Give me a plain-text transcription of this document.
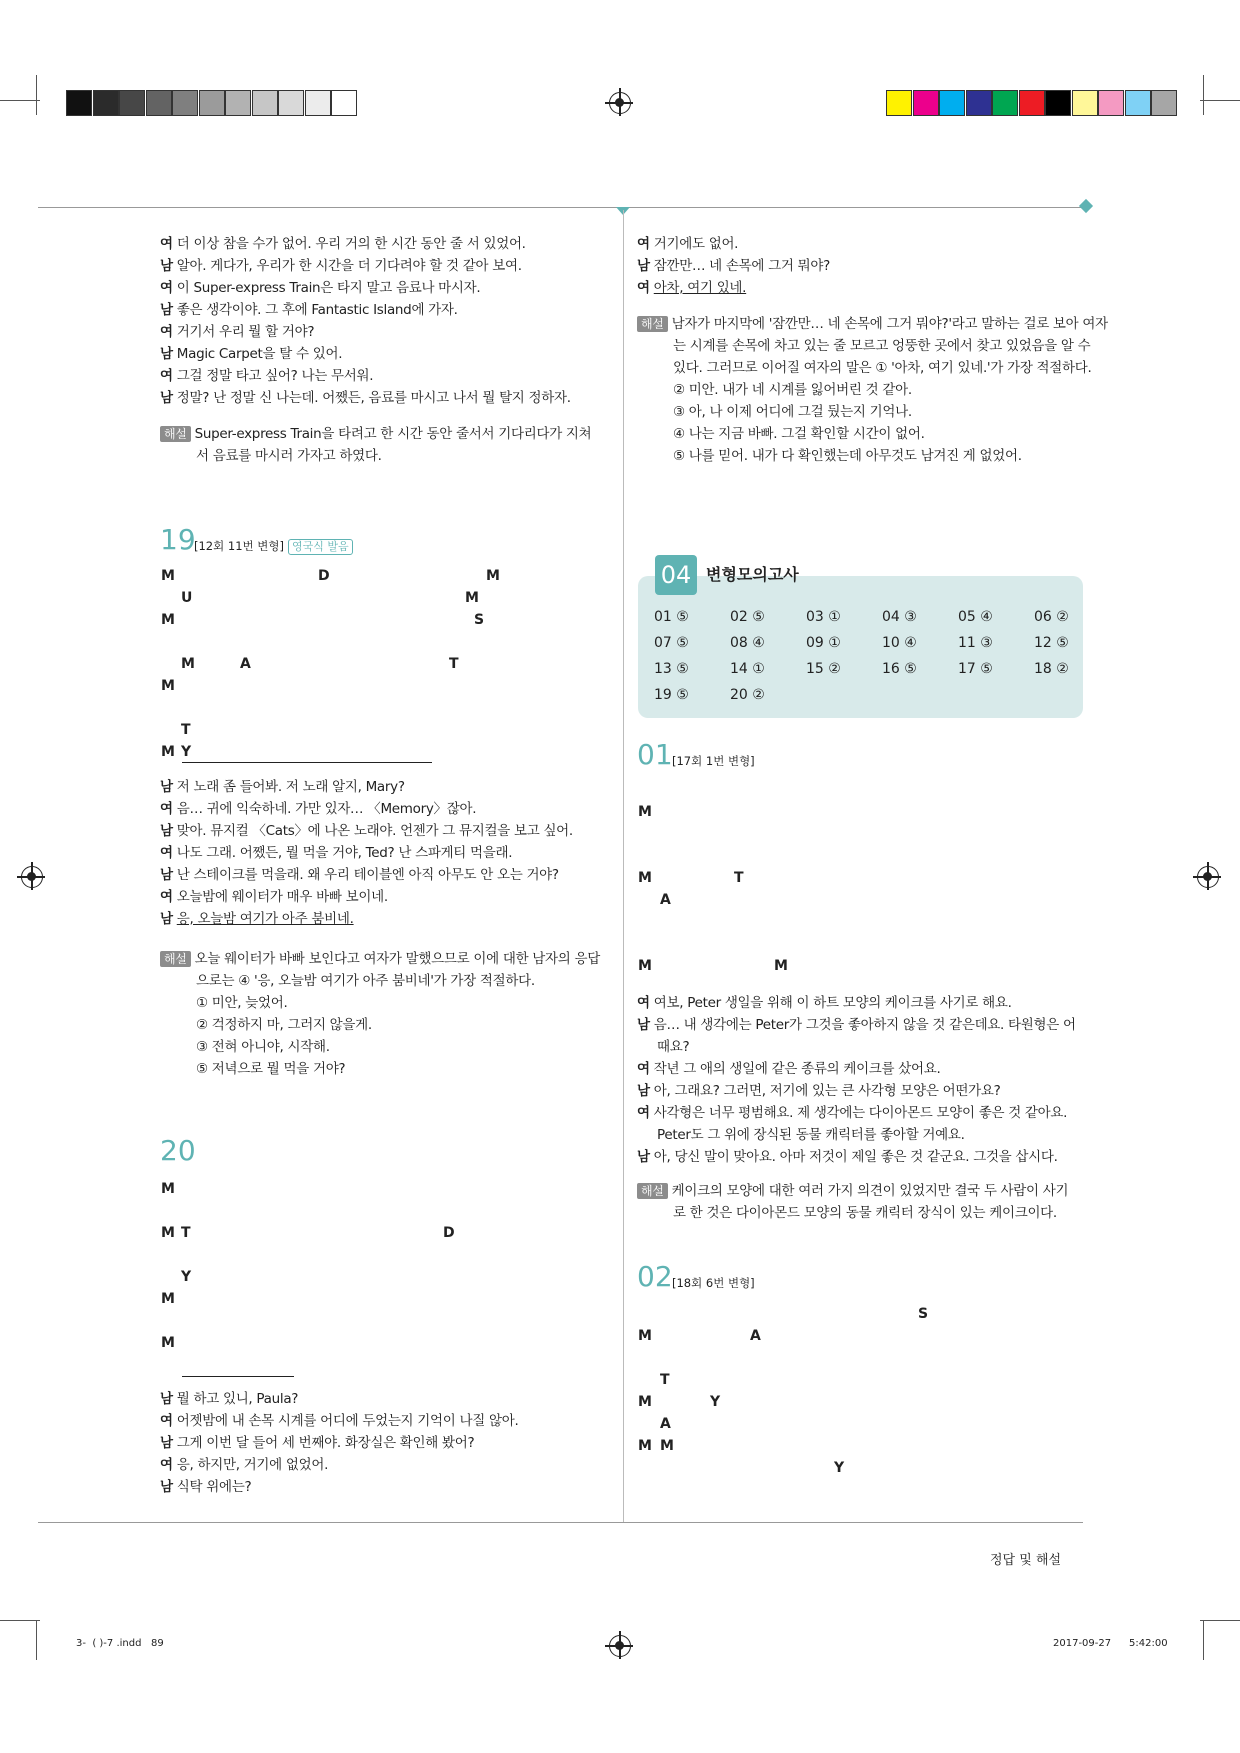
여 더 이상 참을 수가 없어. 우리 거의 한 시간 동안 줄 서 있었어.
남 알아. 게다가, 우리가 한 시간을 더 기다려야 할 것 같아 보여.
여 이 Super-express Train은 타지 말고 음료나 마시자.
남 좋은 생각이야. 그 후에 Fantastic Island에 가자.
여 거기서 우리 뭘 할 거야?
남 Magic Carpet을 탈 수 있어.
여 그걸 정말 타고 싶어? 나는 무서워.
남 정말? 난 정말 신 나는데. 어쨌든, 음료를 마시고 나서 뭘 탈지 정하자.
해설 Super-express Train을 타려고 한 시간 동안 줄서서 기다리다가 지쳐
서 음료를 마시러 가자고 하였다.
19
[12회 11번 변형] 영국식 발음
M	D	M
U	M
M	S
M	A	T
M
T
M Y
남 저 노래 좀 들어봐. 저 노래 알지, Mary?
여 음… 귀에 익숙하네. 가만 있자… 〈Memory〉잖아.
남 맞아. 뮤지컬 〈Cats〉에 나온 노래야. 언젠가 그 뮤지컬을 보고 싶어.
여 나도 그래. 어쨌든, 뭘 먹을 거야, Ted? 난 스파게티 먹을래.
남 난 스테이크를 먹을래. 왜 우리 테이블엔 아직 아무도 안 오는 거야?
여 오늘밤에 웨이터가 매우 바빠 보이네.
남 응, 오늘밤 여기가 아주 붐비네.
해설 오늘 웨이터가 바빠 보인다고 여자가 말했으므로 이에 대한 남자의 응답
으로는 ④ '응, 오늘밤 여기가 아주 붐비네'가 가장 적절하다.
① 미안, 늦었어.
② 걱정하지 마, 그러지 않을게.
③ 전혀 아니야, 시작해.
⑤ 저녁으로 뭘 먹을 거야?
20
M
M T	D
Y
M
M
남 뭘 하고 있니, Paula?
여 어젯밤에 내 손목 시계를 어디에 두었는지 기억이 나질 않아.
남 그게 이번 달 들어 세 번째야. 화장실은 확인해 봤어?
여 응, 하지만, 거기에 없었어.
남 식탁 위에는?
여 거기에도 없어.
남 잠깐만… 네 손목에 그거 뭐야?
여 아차, 여기 있네.
해설 남자가 마지막에 '잠깐만… 네 손목에 그거 뭐야?'라고 말하는 걸로 보아 여자
는 시계를 손목에 차고 있는 줄 모르고 엉뚱한 곳에서 찾고 있었음을 알 수
있다. 그러므로 이어질 여자의 말은 ① '아차, 여기 있네.'가 가장 적절하다.
② 미안. 내가 네 시계를 잃어버린 것 같아.
③ 아, 나 이제 어디에 그걸 뒀는지 기억나.
④ 나는 지금 바빠. 그걸 확인할 시간이 없어.
⑤ 나를 믿어. 내가 다 확인했는데 아무것도 남겨진 게 없었어.
04 변형모의고사
01 ⑤	02 ⑤	03 ①	04 ③	05 ④	06 ②
07 ⑤	08 ④	09 ①	10 ④	11 ③	12 ⑤
13 ⑤	14 ①	15 ②	16 ⑤	17 ⑤	18 ②
19 ⑤	20 ②
01 [17회 1번 변형]
M
M	T
A
M	M
여 여보, Peter 생일을 위해 이 하트 모양의 케이크를 사기로 해요.
남 음… 내 생각에는 Peter가 그것을 좋아하지 않을 것 같은데요. 타원형은 어
때요?
여 작년 그 애의 생일에 같은 종류의 케이크를 샀어요.
남 아, 그래요? 그러면, 저기에 있는 큰 사각형 모양은 어떤가요?
여 사각형은 너무 평범해요. 제 생각에는 다이아몬드 모양이 좋은 것 같아요.
Peter도 그 위에 장식된 동물 캐릭터를 좋아할 거예요.
남 아, 당신 말이 맞아요. 아마 저것이 제일 좋은 것 같군요. 그것을 삽시다.
해설 케이크의 모양에 대한 여러 가지 의견이 있었지만 결국 두 사람이 사기
로 한 것은 다이아몬드 모양의 동물 캐릭터 장식이 있는 케이크이다.
02 [18회 6번 변형]
S
M	A
T
M	Y
A
M M
Y
정답 및 해설
3-  ( )-7 .indd   89	2017-09-27 5:42:00
